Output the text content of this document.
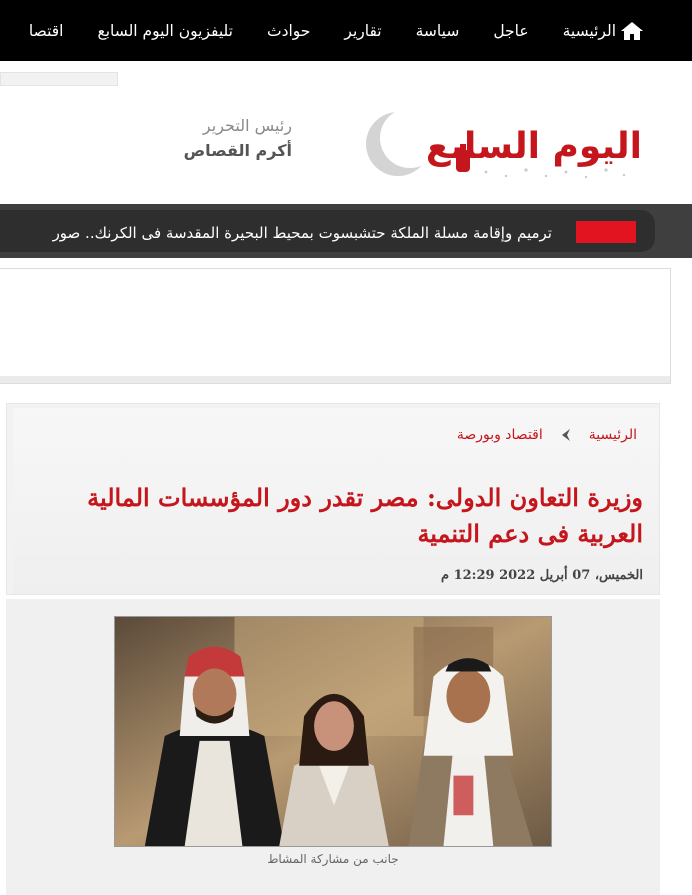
الرئيسية
عاجل
سياسة
تقارير
حوادث
تليفزيون اليوم السابع
اقتصا
اليوم السابع
رئيس التحرير
أكرم القصاص
ترميم وإقامة مسلة الملكة حتشبسوت بمحيط البحيرة المقدسة فى الكرنك.. صور
الرئيسية
اقتصاد وبورصة
وزيرة التعاون الدولى: مصر تقدر دور المؤسسات المالية العربية فى دعم التنمية
الخميس، 07 أبريل 2022 12:29 م
جانب من مشاركة المشاط
